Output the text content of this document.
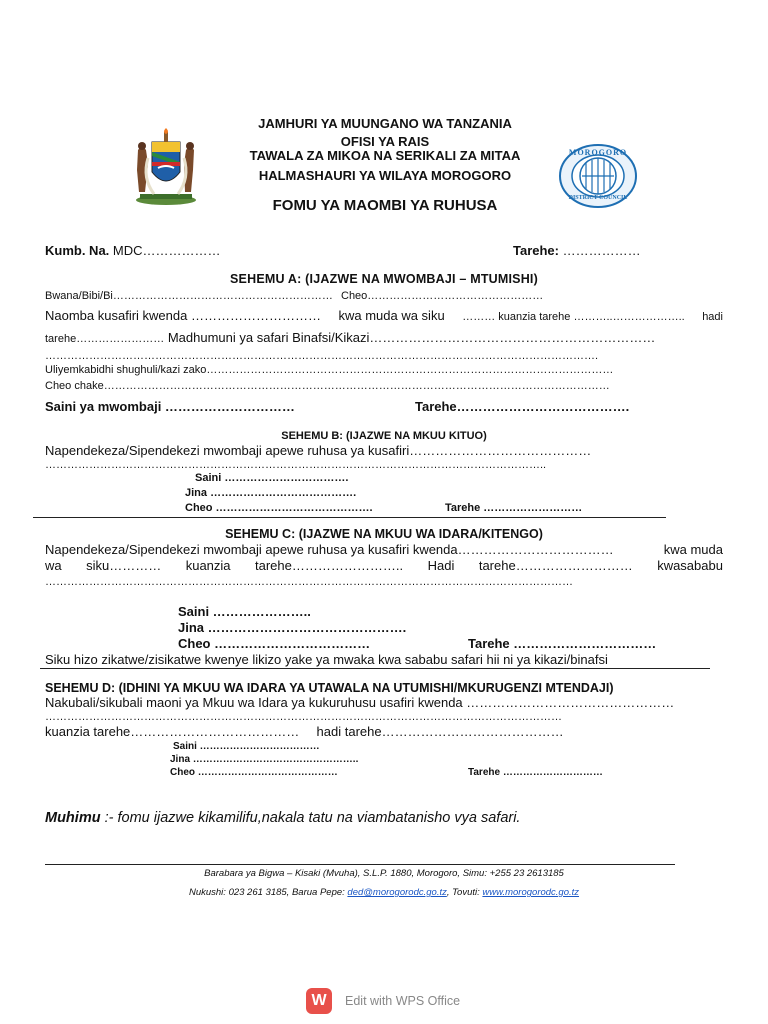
MOROGORO
DISTRICT COUNCIL
JAMHURI YA MUUNGANO WA TANZANIA
OFISI YA RAIS
TAWALA ZA MIKOA NA SERIKALI ZA MITAA
HALMASHAURI YA WILAYA MOROGORO
FOMU YA MAOMBI YA RUHUSA
Kumb. Na. MDC………………	Tarehe: ………………
SEHEMU A: (IJAZWE NA MWOMBAJI – MTUMISHI)
Bwana/Bibi/Bi…………………………………………………… Cheo…………………………………………
Naomba kusafiri kwenda ………………………… kwa muda wa siku ……… kuanzia tarehe ………..……………….. hadi
tarehe…………………… Madhumuni ya safari Binafsi/Kikazi…………………………………………………………
…………………………………………………………………………………………………………………………………….
Uliyemkabidhi shughuli/kazi zako…………………………………………………………………………………………………
Cheo chake…………………………………………………………………………………………………………………………
Saini ya mwombaji …………………………	Tarehe………………………………….
SEHEMU B: (IJAZWE NA MKUU KITUO)
Napendekeza/Sipendekezi mwombaji apewe ruhusa ya kusafiri……………………………………
………………………………………………………………………………………………………………………..
Saini …………………………….
Jina ………………………………….
Cheo …………………………………….	Tarehe ………………………
SEHEMU C: (IJAZWE NA MKUU WA IDARA/KITENGO)
Napendekeza/Sipendekezi mwombaji apewe ruhusa ya kusafiri kwenda………………………………	kwa muda
wa siku………… kuanzia tarehe…………………….. Hadi tarehe……………………… kwasababu
………………………………………………………………………………………………………………………………
Saini …………………..
Jina ……………………………………….
Cheo ………………………………	Tarehe ……………………………
Siku hizo zikatwe/zisikatwe kwenye likizo yake ya mwaka kwa sababu safari hii ni ya kikazi/binafsi
SEHEMU D: (IDHINI YA MKUU WA IDARA YA UTAWALA NA UTUMISHI/MKURUGENZI MTENDAJI)
Nakubali/sikubali maoni ya Mkuu wa Idara ya kukuruhusu usafiri kwenda …………………………………………
……………………………………………………………………………………………………………………………
kuanzia tarehe………………………………… hadi tarehe……………………………………
Saini ………………………………
Jina …………………………………………..
Cheo ……………………………………	Tarehe …………………………
Muhimu :- fomu ijazwe kikamilifu,nakala tatu na viambatanisho vya safari.
Barabara ya Bigwa – Kisaki (Mvuha), S.L.P. 1880, Morogoro, Simu: +255 23 2613185
Nukushi: 023 261 3185, Barua Pepe: ded@morogorodc.go.tz, Tovuti: www.morogorodc.go.tz
W	Edit with WPS Office
